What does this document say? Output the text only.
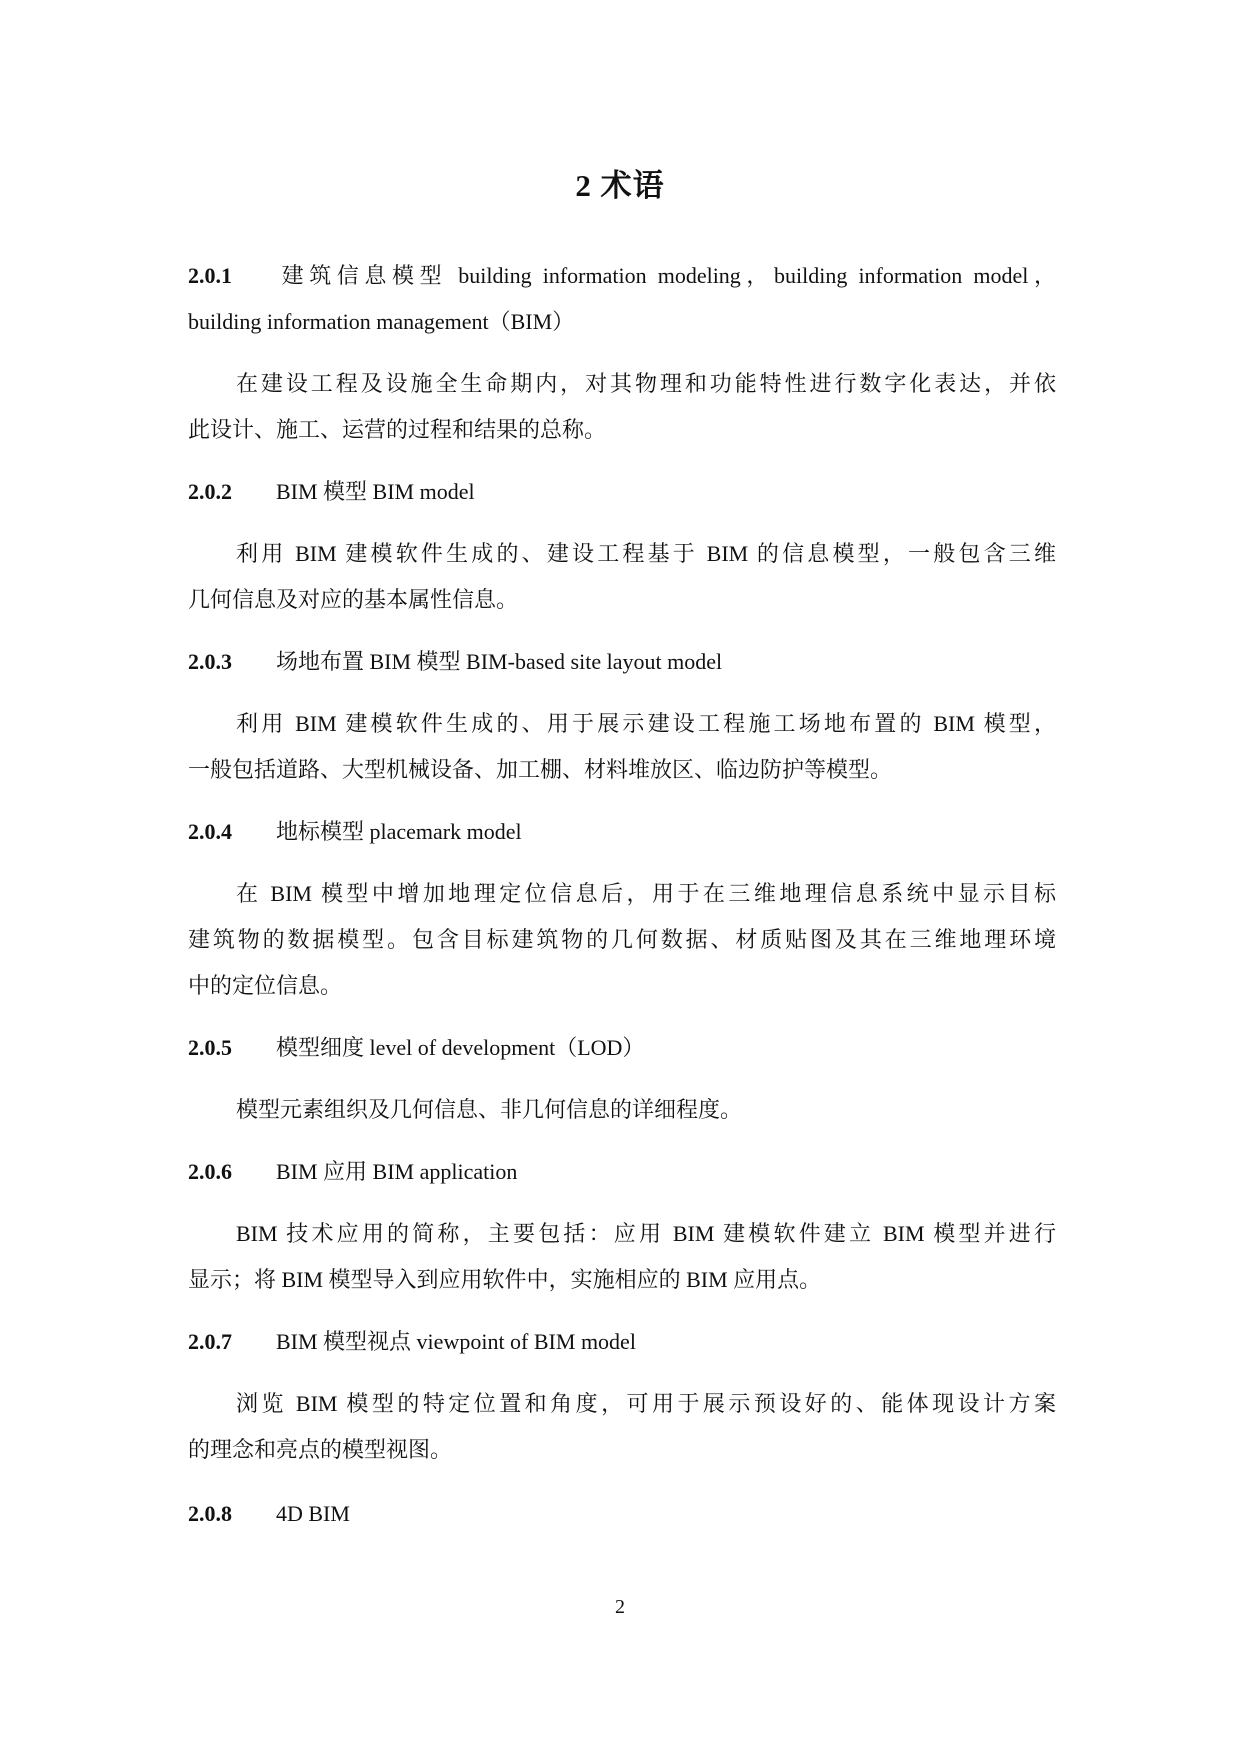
2 术语
2.0.1 建筑信息模型 building information modeling，building information model，
building information management（BIM）
在建设工程及设施全生命期内，对其物理和功能特性进行数字化表达，并依
此设计、施工、运营的过程和结果的总称。
2.0.2 BIM 模型 BIM model
利用 BIM 建模软件生成的、建设工程基于 BIM 的信息模型，一般包含三维
几何信息及对应的基本属性信息。
2.0.3 场地布置 BIM 模型 BIM-based site layout model
利用 BIM 建模软件生成的、用于展示建设工程施工场地布置的 BIM 模型，
一般包括道路、大型机械设备、加工棚、材料堆放区、临边防护等模型。
2.0.4 地标模型 placemark model
在 BIM 模型中增加地理定位信息后，用于在三维地理信息系统中显示目标
建筑物的数据模型。包含目标建筑物的几何数据、材质贴图及其在三维地理环境
中的定位信息。
2.0.5 模型细度 level of development（LOD）
模型元素组织及几何信息、非几何信息的详细程度。
2.0.6 BIM 应用 BIM application
BIM 技术应用的简称，主要包括：应用 BIM 建模软件建立 BIM 模型并进行
显示；将 BIM 模型导入到应用软件中，实施相应的 BIM 应用点。
2.0.7 BIM 模型视点 viewpoint of BIM model
浏览 BIM 模型的特定位置和角度，可用于展示预设好的、能体现设计方案
的理念和亮点的模型视图。
2.0.8 4D BIM
2
